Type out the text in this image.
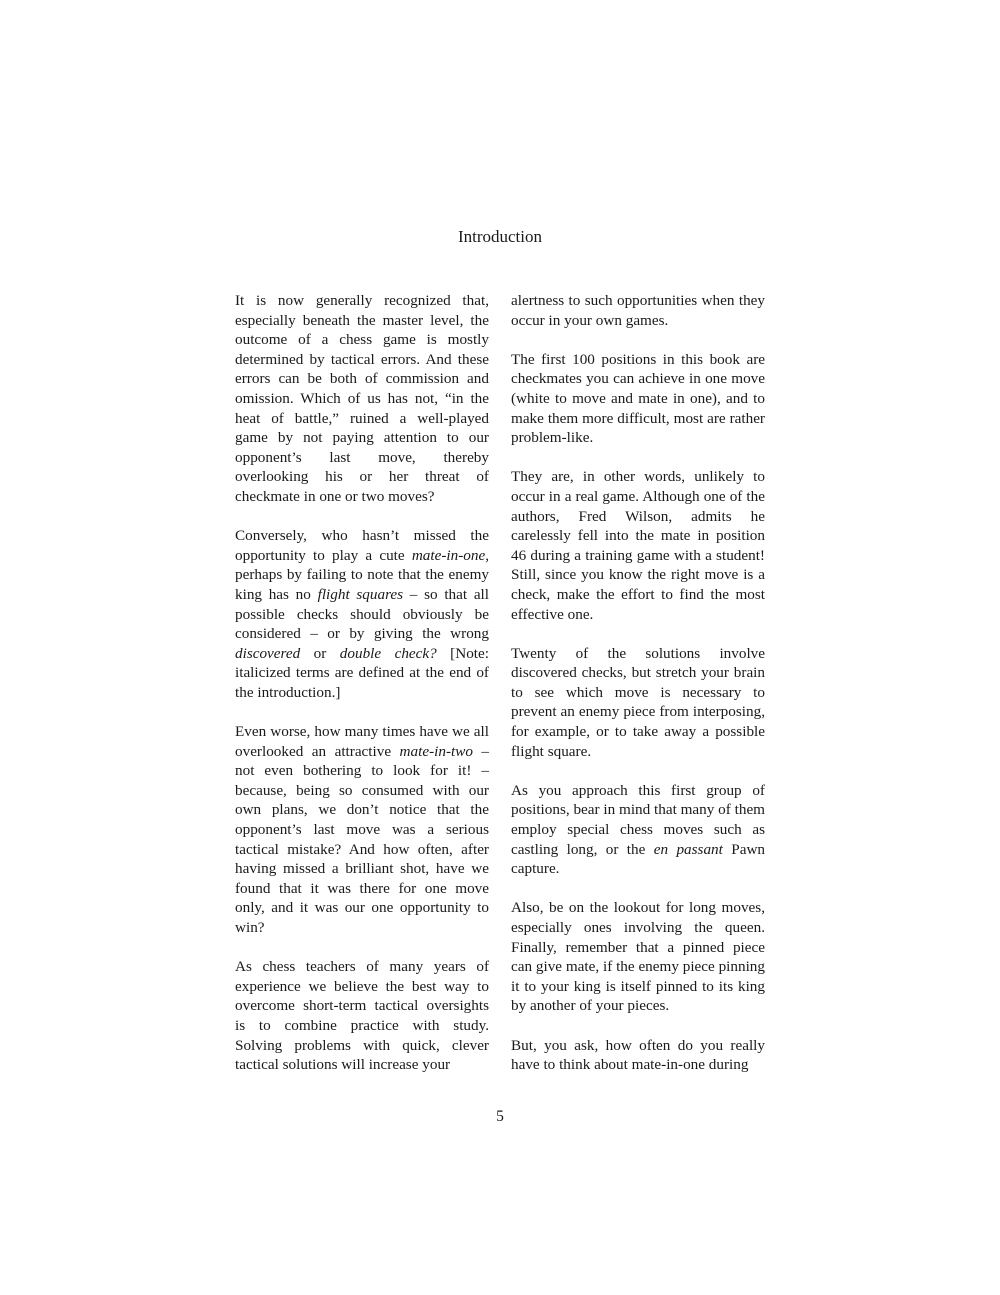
Introduction

It is now generally recognized that, especially beneath the master level, the outcome of a chess game is mostly determined by tactical errors. And these errors can be both of commission and omission. Which of us has not, “in the heat of battle,” ruined a well-played game by not paying attention to our opponent’s last move, thereby overlooking his or her threat of checkmate in one or two moves?

Conversely, who hasn’t missed the opportunity to play a cute mate-in-one, perhaps by failing to note that the enemy king has no flight squares – so that all possible checks should obviously be considered – or by giving the wrong discovered or double check? [Note: italicized terms are defined at the end of the introduction.]

Even worse, how many times have we all overlooked an attractive mate-in-two – not even bothering to look for it! – because, being so consumed with our own plans, we don’t notice that the opponent’s last move was a serious tactical mistake? And how often, after having missed a brilliant shot, have we found that it was there for one move only, and it was our one opportunity to win?

As chess teachers of many years of experience we believe the best way to overcome short-term tactical oversights is to combine practice with study. Solving problems with quick, clever tactical solutions will increase your

alertness to such opportunities when they occur in your own games.

The first 100 positions in this book are checkmates you can achieve in one move (white to move and mate in one), and to make them more difficult, most are rather problem-like.

They are, in other words, unlikely to occur in a real game. Although one of the authors, Fred Wilson, admits he carelessly fell into the mate in position 46 during a training game with a student! Still, since you know the right move is a check, make the effort to find the most effective one.

Twenty of the solutions involve discovered checks, but stretch your brain to see which move is necessary to prevent an enemy piece from interposing, for example, or to take away a possible flight square.

As you approach this first group of positions, bear in mind that many of them employ special chess moves such as castling long, or the en passant Pawn capture.

Also, be on the lookout for long moves, especially ones involving the queen. Finally, remember that a pinned piece can give mate, if the enemy piece pinning it to your king is itself pinned to its king by another of your pieces.

But, you ask, how often do you really have to think about mate-in-one during

5
